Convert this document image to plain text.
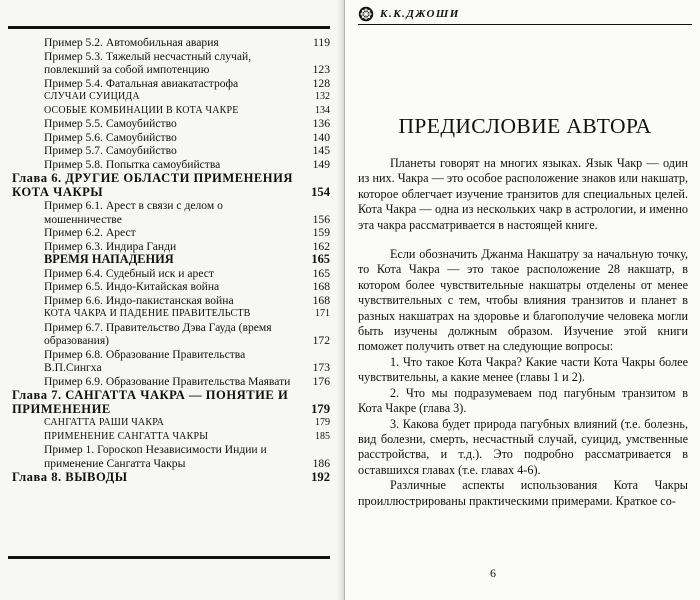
Пример 5.2. Автомобильная авария	119
Пример 5.3. Тяжелый несчастный случай, повлекший за собой импотенцию	123
Пример 5.4. Фатальная авиакатастрофа	128
СЛУЧАИ СУИЦИДА	132
ОСОБЫЕ КОМБИНАЦИИ В КОТА ЧАКРЕ	134
Пример 5.5. Самоубийство	136
Пример 5.6. Самоубийство	140
Пример 5.7. Самоубийство	145
Пример 5.8. Попытка самоубийства	149
Глава 6. ДРУГИЕ ОБЛАСТИ ПРИМЕНЕНИЯ КОТА ЧАКРЫ	154
Пример 6.1. Арест в связи с делом о мошенничестве	156
Пример 6.2. Арест	159
Пример 6.3. Индира Ганди	162
ВРЕМЯ НАПАДЕНИЯ	165
Пример 6.4. Судебный иск и арест	165
Пример 6.5. Индо-Китайская война	168
Пример 6.6. Индо-пакистанская война	168
КОТА ЧАКРА И ПАДЕНИЕ ПРАВИТЕЛЬСТВ	171
Пример 6.7. Правительство Дэва Гауда (время образования)	172
Пример 6.8. Образование Правительства В.П.Сингха	173
Пример 6.9. Образование Правительства Маявати	176
Глава 7. САНГАТТА ЧАКРА — ПОНЯТИЕ И ПРИМЕНЕНИЕ	179
САНГАТТА РАШИ ЧАКРА	179
ПРИМЕНЕНИЕ САНГАТТА ЧАКРЫ	185
Пример 1. Гороскоп Независимости Индии и применение Сангатта Чакры	186
Глава 8. ВЫВОДЫ	192
К.К.ДЖОШИ
ПРЕДИСЛОВИЕ АВТОРА

Планеты говорят на многих языках. Язык Чакр — один из них. Чакра — это особое расположение знаков или накшатр, которое облегчает изучение транзитов для специальных целей. Кота Чакра — одна из нескольких чакр в астрологии, и именно эта чакра рассматривается в настоящей книге.

Если обозначить Джанма Накшатру за начальную точку, то Кота Чакра — это такое расположение 28 накшатр, в котором более чувствительные накшатры отделены от менее чувствительных с тем, чтобы влияния транзитов и планет в разных накшатрах на здоровье и благополучие человека могли быть изучены должным образом. Изучение этой книги поможет получить ответ на следующие вопросы:

1. Что такое Кота Чакра? Какие части Кота Чакры более чувствительны, а какие менее (главы 1 и 2).

2. Что мы подразумеваем под пагубным транзитом в Кота Чакре (глава 3).

3. Какова будет природа пагубных влияний (т.е. болезнь, вид болезни, смерть, несчастный случай, суицид, умственные расстройства, и т.д.). Это подробно рассматривается в оставшихся главах (т.е. главах 4-6).

Различные аспекты использования Кота Чакры проиллюстрированы практическими примерами. Краткое со-

6
